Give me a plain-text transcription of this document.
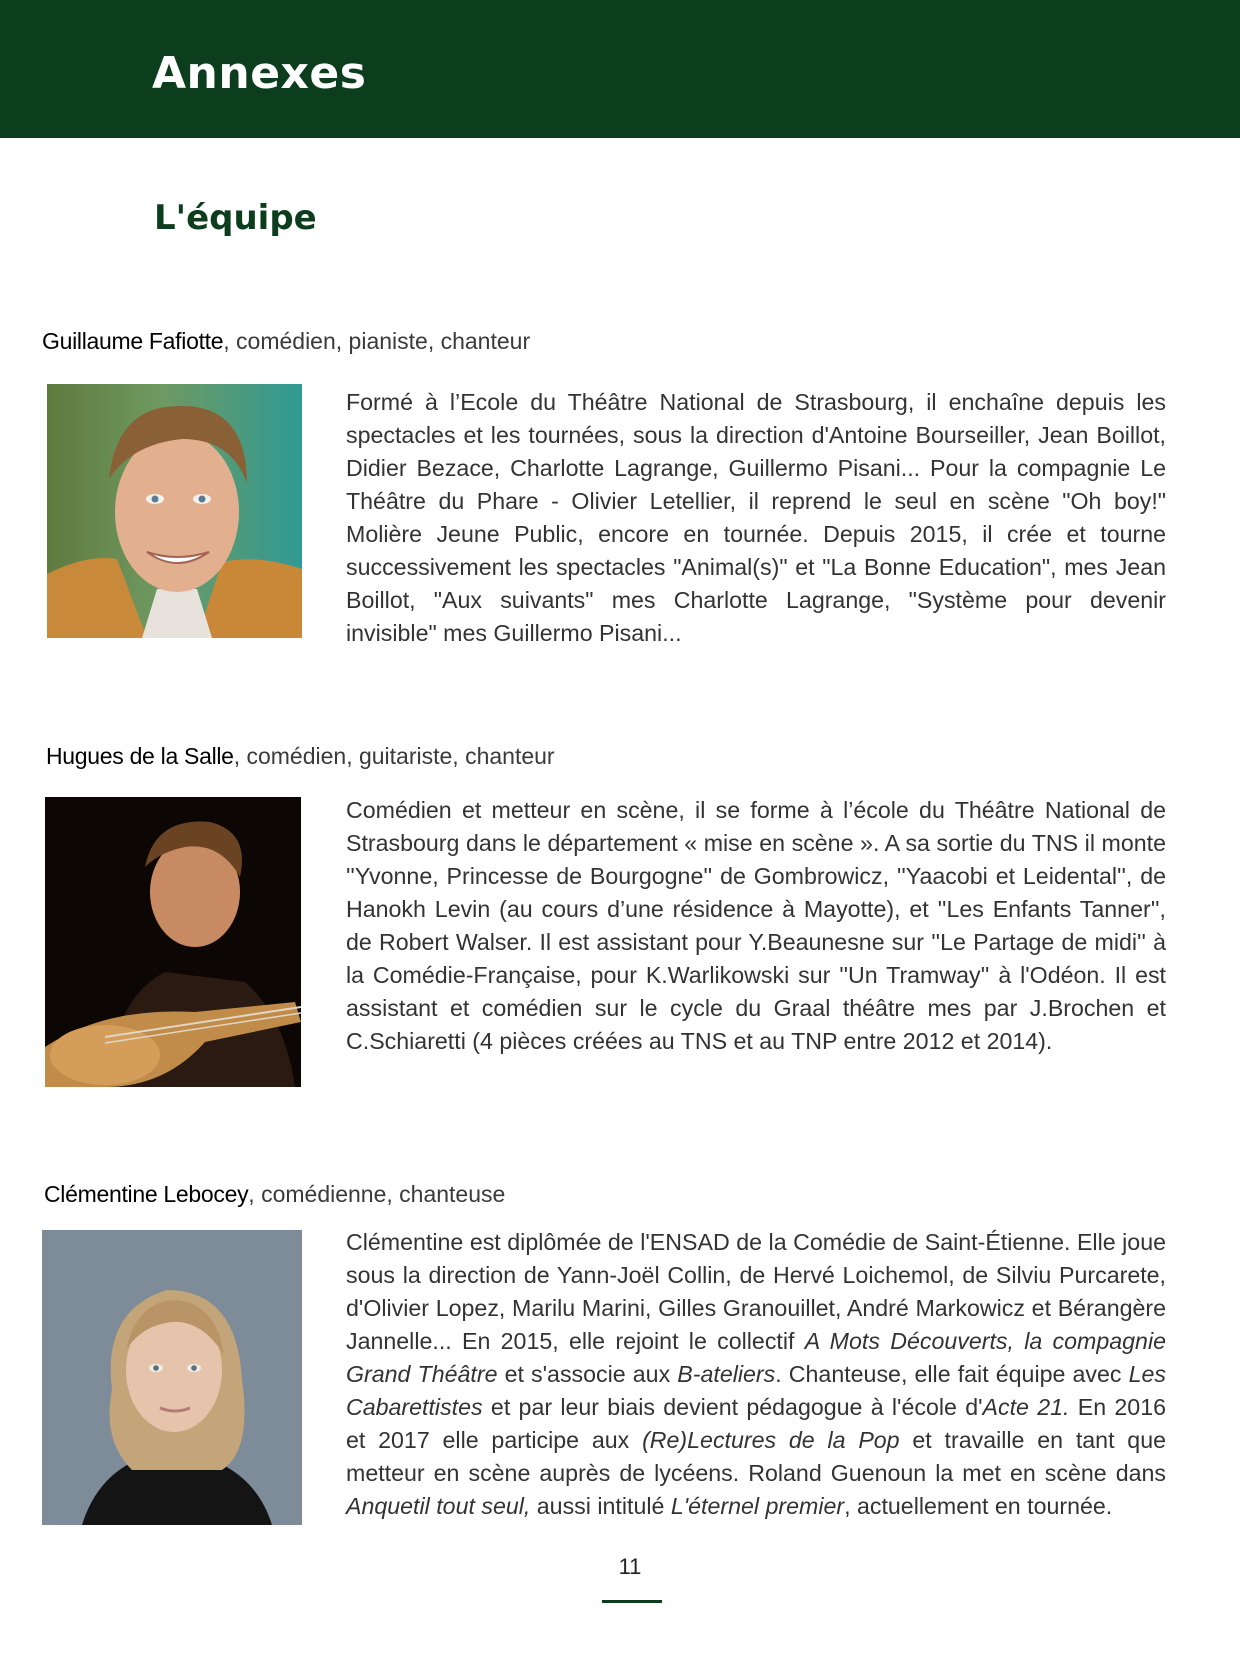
Annexes
L'équipe
Guillaume Fafiotte, comédien, pianiste, chanteur

Formé à l’Ecole du Théâtre National de Strasbourg, il enchaîne depuis les spectacles et les tournées, sous la direction d'Antoine Bourseiller, Jean Boillot, Didier Bezace, Charlotte Lagrange, Guillermo Pisani... Pour la compagnie Le Théâtre du Phare - Olivier Letellier, il reprend le seul en scène "Oh boy!" Molière Jeune Public, encore en tournée. Depuis 2015, il crée et tourne successivement les spectacles "Animal(s)" et "La Bonne Education", mes Jean Boillot, "Aux suivants" mes Charlotte Lagrange, "Système pour devenir invisible" mes Guillermo Pisani...

Hugues de la Salle, comédien, guitariste, chanteur

Comédien et metteur en scène, il se forme à l’école du Théâtre National de Strasbourg dans le département « mise en scène ». A sa sortie du TNS il monte ''Yvonne, Princesse de Bourgogne'' de Gombrowicz, ''Yaacobi et Leidental'', de Hanokh Levin (au cours d’une résidence à Mayotte), et ''Les Enfants Tanner'', de Robert Walser. Il est assistant pour Y.Beaunesne sur ''Le Partage de midi'' à la Comédie-Française, pour K.Warlikowski sur ''Un Tramway'' à l'Odéon. Il est assistant et comédien sur le cycle du Graal théâtre mes par J.Brochen et C.Schiaretti (4 pièces créées au TNS et au TNP entre 2012 et 2014).

Clémentine Lebocey, comédienne, chanteuse

Clémentine est diplômée de l'ENSAD de la Comédie de Saint-Étienne. Elle joue sous la direction de Yann-Joël Collin, de Hervé Loichemol, de Silviu Purcarete, d'Olivier Lopez, Marilu Marini, Gilles Granouillet, André Markowicz et Bérangère Jannelle... En 2015, elle rejoint le collectif A Mots Découverts, la compagnie Grand Théâtre et s'associe aux B-ateliers. Chanteuse, elle fait équipe avec Les Cabarettistes et par leur biais devient pédagogue à l'école d'Acte 21. En 2016 et 2017 elle participe aux (Re)Lectures de la Pop et travaille en tant que metteur en scène auprès de lycéens. Roland Guenoun la met en scène dans Anquetil tout seul, aussi intitulé L'éternel premier, actuellement en tournée.

11
